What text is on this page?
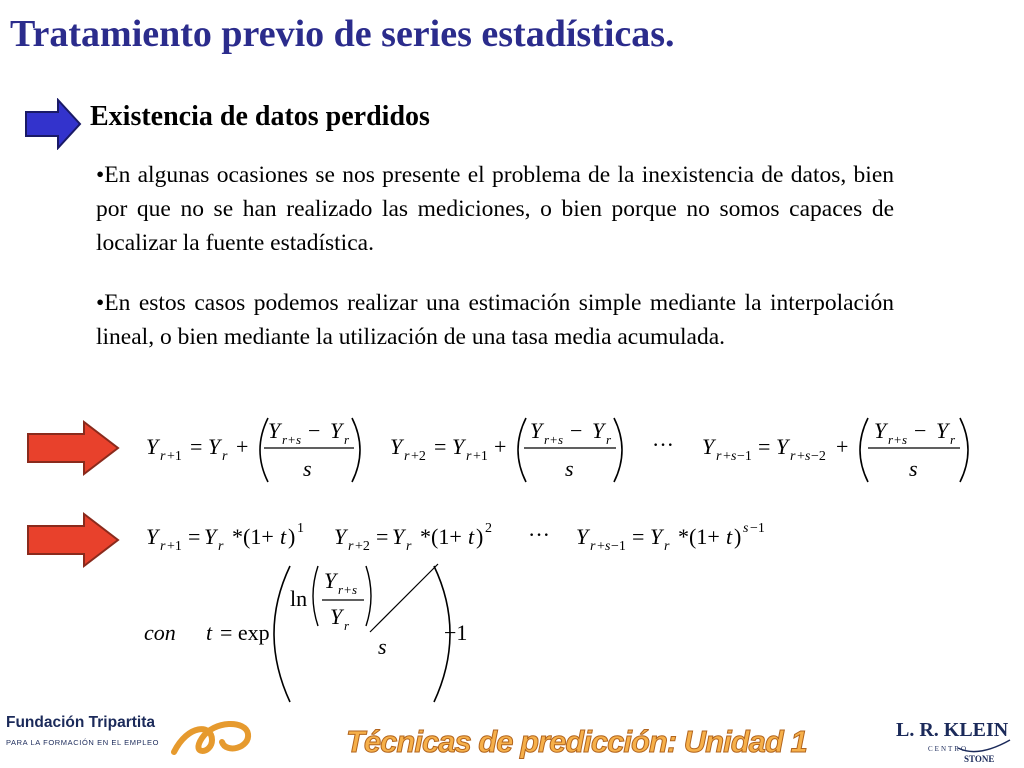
Tratamiento previo de series estadísticas.
Existencia de datos perdidos
•En algunas ocasiones se nos presente el problema de la inexistencia de datos, bien por que no se han realizado las mediciones, o bien porque no somos capaces de localizar la fuente estadística.
•En estos casos podemos realizar una estimación simple mediante la interpolación lineal, o bien mediante la utilización de una tasa media acumulada.
Y r +1 = Y r +
Y r + s − Y r
s
Y r +2 = Y r +1 +
Y r + s − Y r
s
··· Y r + s −1 = Y r + s −2 +
Y r + s − Y r
s
Y r +1 = Y r *(1+ t ) 1 Y r +2 = Y r *(1+ t ) 2 ··· Y r + s −1 = Y r *(1+ t ) s −1
con t = exp
ln
Y r + s
Y r
s
−1
Fundación Tripartita
PARA LA FORMACIÓN EN EL EMPLEO	Técnicas de predicción: Unidad 1	L. R. KLEIN
CENTRO
STONE
